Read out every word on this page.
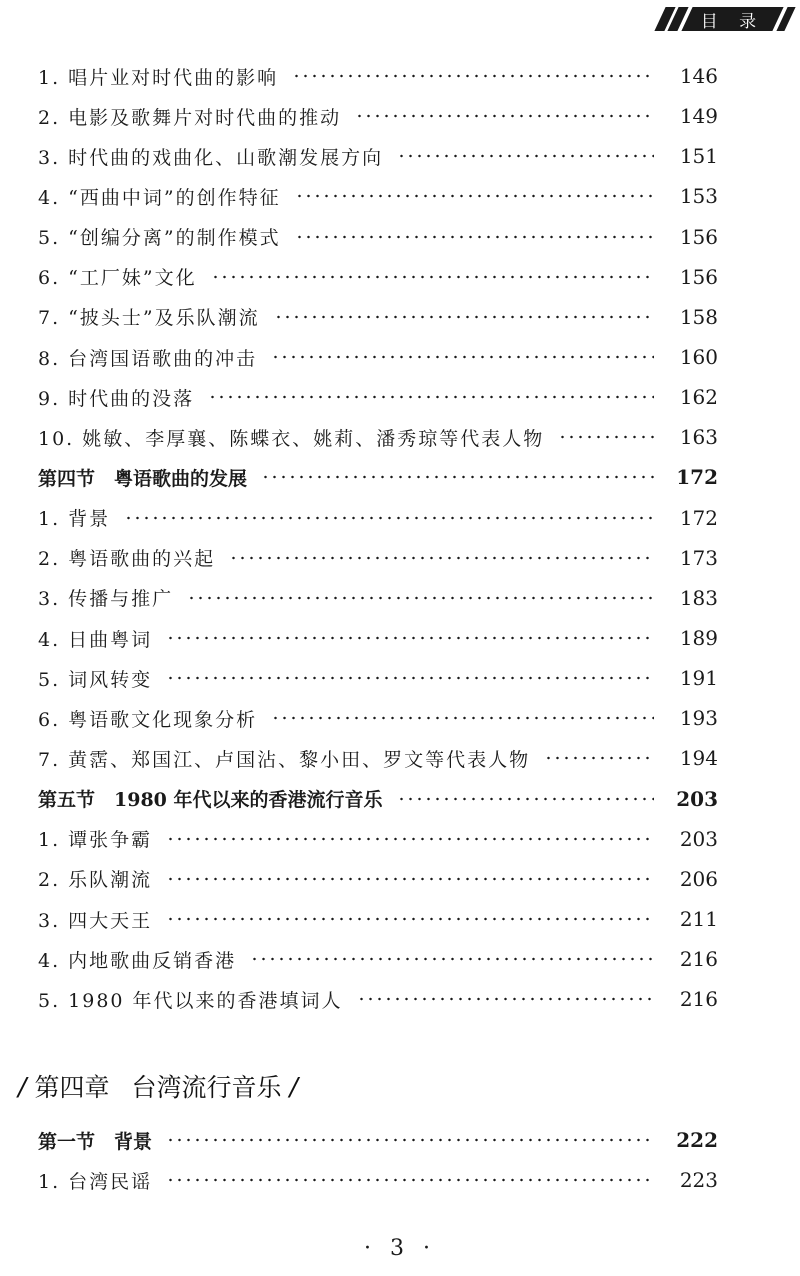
目 录
1. 唱片业对时代曲的影响	146
2. 电影及歌舞片对时代曲的推动	149
3. 时代曲的戏曲化、山歌潮发展方向	151
4. “西曲中词”的创作特征	153
5. “创编分离”的制作模式	156
6. “工厂妹”文化	156
7. “披头士”及乐队潮流	158
8. 台湾国语歌曲的冲击	160
9. 时代曲的没落	162
10. 姚敏、李厚襄、陈蝶衣、姚莉、潘秀琼等代表人物	163
第四节　粤语歌曲的发展	172
1. 背景	172
2. 粤语歌曲的兴起	173
3. 传播与推广	183
4. 日曲粤词	189
5. 词风转变	191
6. 粤语歌文化现象分析	193
7. 黄霑、郑国江、卢国沾、黎小田、罗文等代表人物	194
第五节　1980 年代以来的香港流行音乐	203
1. 谭张争霸	203
2. 乐队潮流	206
3. 四大天王	211
4. 内地歌曲反销香港	216
5. 1980 年代以来的香港填词人	216
/ 第四章 台湾流行音乐 /
第一节　背景	222
1. 台湾民谣	223
· 3 ·
